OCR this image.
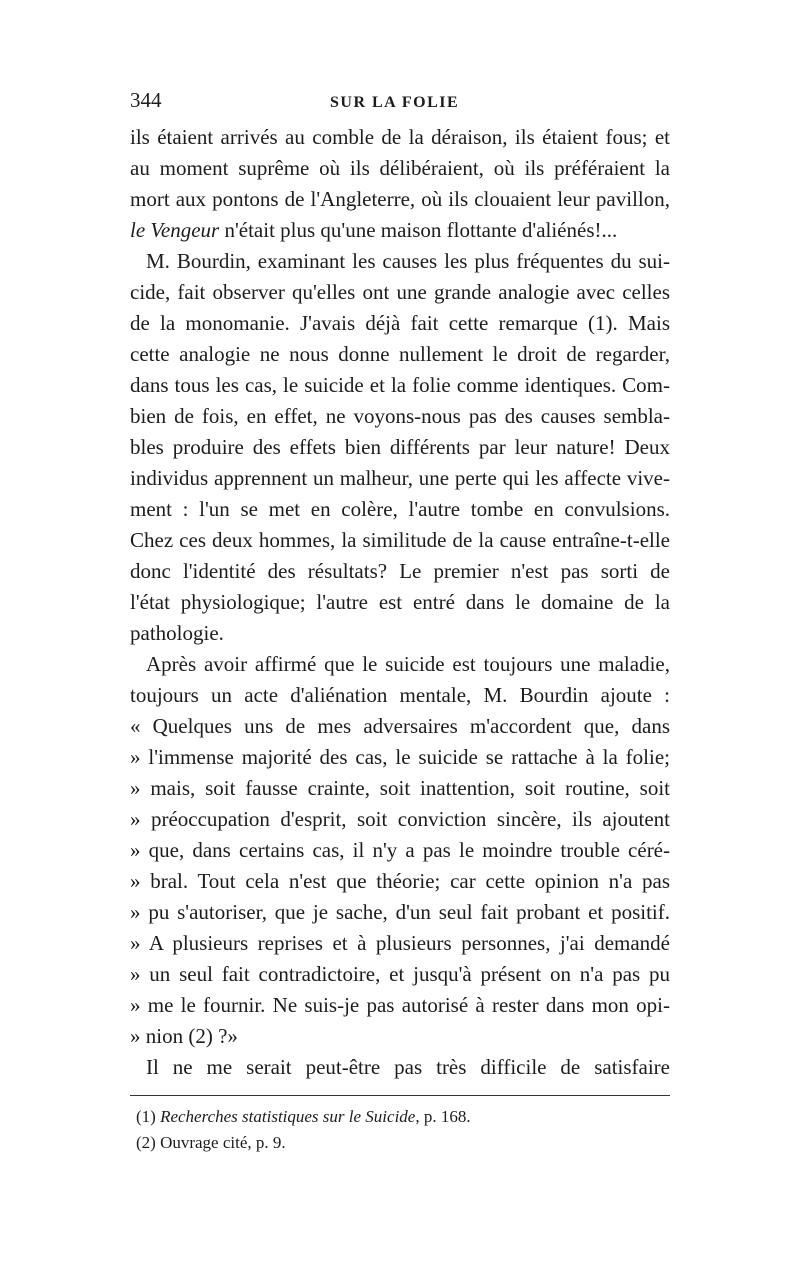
344	SUR LA FOLIE
ils étaient arrivés au comble de la déraison, ils étaient fous; et
au moment suprême où ils délibéraient, où ils préféraient la
mort aux pontons de l'Angleterre, où ils clouaient leur pavillon,
le Vengeur n'était plus qu'une maison flottante d'aliénés!...
M. Bourdin, examinant les causes les plus fréquentes du sui-
cide, fait observer qu'elles ont une grande analogie avec celles
de la monomanie. J'avais déjà fait cette remarque (1). Mais
cette analogie ne nous donne nullement le droit de regarder,
dans tous les cas, le suicide et la folie comme identiques. Com-
bien de fois, en effet, ne voyons-nous pas des causes sembla-
bles produire des effets bien différents par leur nature! Deux
individus apprennent un malheur, une perte qui les affecte vive-
ment : l'un se met en colère, l'autre tombe en convulsions.
Chez ces deux hommes, la similitude de la cause entraîne-t-elle
donc l'identité des résultats? Le premier n'est pas sorti de
l'état physiologique; l'autre est entré dans le domaine de la
pathologie.
Après avoir affirmé que le suicide est toujours une maladie,
toujours un acte d'aliénation mentale, M. Bourdin ajoute :
« Quelques uns de mes adversaires m'accordent que, dans
» l'immense majorité des cas, le suicide se rattache à la folie;
» mais, soit fausse crainte, soit inattention, soit routine, soit
» préoccupation d'esprit, soit conviction sincère, ils ajoutent
» que, dans certains cas, il n'y a pas le moindre trouble céré-
» bral. Tout cela n'est que théorie; car cette opinion n'a pas
» pu s'autoriser, que je sache, d'un seul fait probant et positif.
» A plusieurs reprises et à plusieurs personnes, j'ai demandé
» un seul fait contradictoire, et jusqu'à présent on n'a pas pu
» me le fournir. Ne suis-je pas autorisé à rester dans mon opi-
» nion (2) ?»
Il ne me serait peut-être pas très difficile de satisfaire
(1) Recherches statistiques sur le Suicide, p. 168.
(2) Ouvrage cité, p. 9.
